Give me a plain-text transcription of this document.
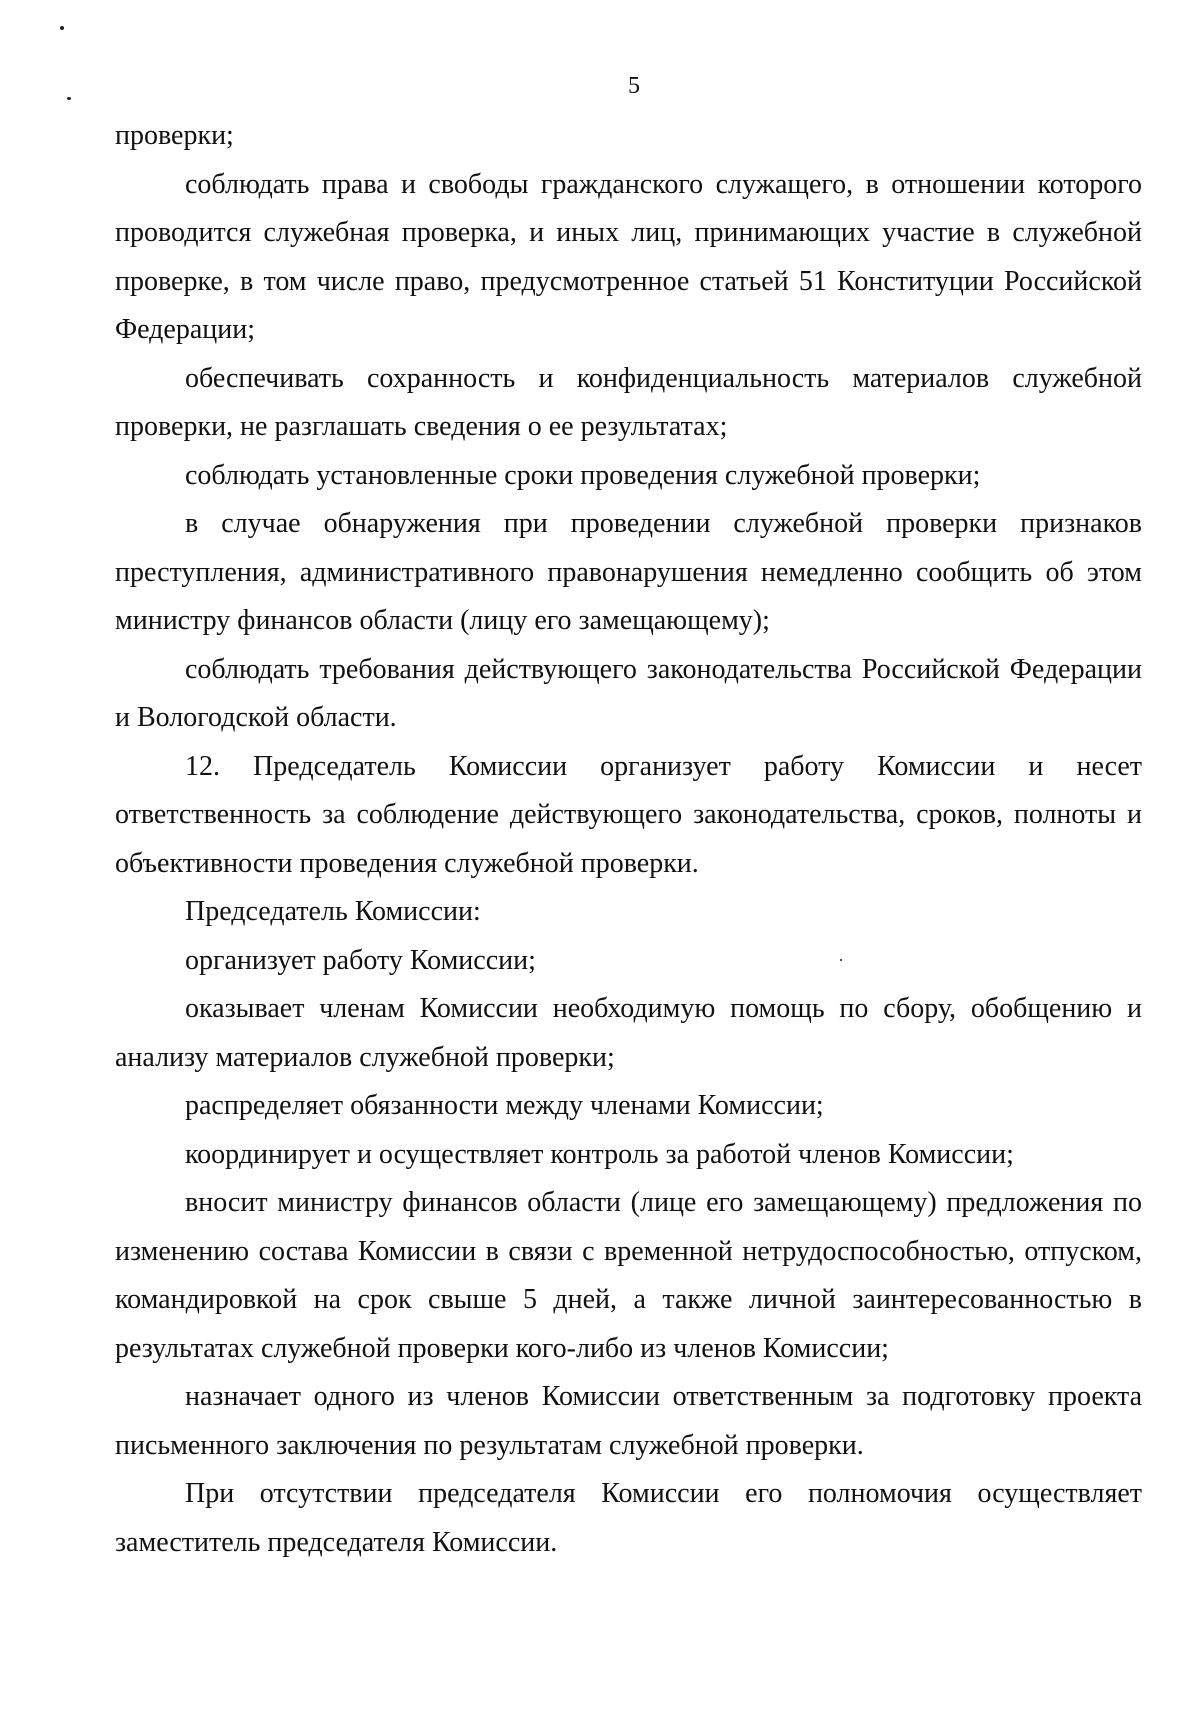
5

проверки;

соблюдать права и свободы гражданского служащего, в отношении которого проводится служебная проверка, и иных лиц, принимающих участие в служебной проверке, в том числе право, предусмотренное статьей 51 Конституции Российской Федерации;

обеспечивать сохранность и конфиденциальность материалов служебной проверки, не разглашать сведения о ее результатах;

соблюдать установленные сроки проведения служебной проверки;

в случае обнаружения при проведении служебной проверки признаков преступления, административного правонарушения немедленно сообщить об этом министру финансов области (лицу его замещающему);

соблюдать требования действующего законодательства Российской Федерации и Вологодской области.

12. Председатель Комиссии организует работу Комиссии и несет ответственность за соблюдение действующего законодательства, сроков, полноты и объективности проведения служебной проверки.

Председатель Комиссии:

организует работу Комиссии;

оказывает членам Комиссии необходимую помощь по сбору, обобщению и анализу материалов служебной проверки;

распределяет обязанности между членами Комиссии;

координирует и осуществляет контроль за работой членов Комиссии;

вносит министру финансов области (лице его замещающему) предложения по изменению состава Комиссии в связи с временной нетрудоспособностью, отпуском, командировкой на срок свыше 5 дней, а также личной заинтересованностью в результатах служебной проверки кого-либо из членов Комиссии;

назначает одного из членов Комиссии ответственным за подготовку проекта письменного заключения по результатам служебной проверки.

При отсутствии председателя Комиссии его полномочия осуществляет заместитель председателя Комиссии.
